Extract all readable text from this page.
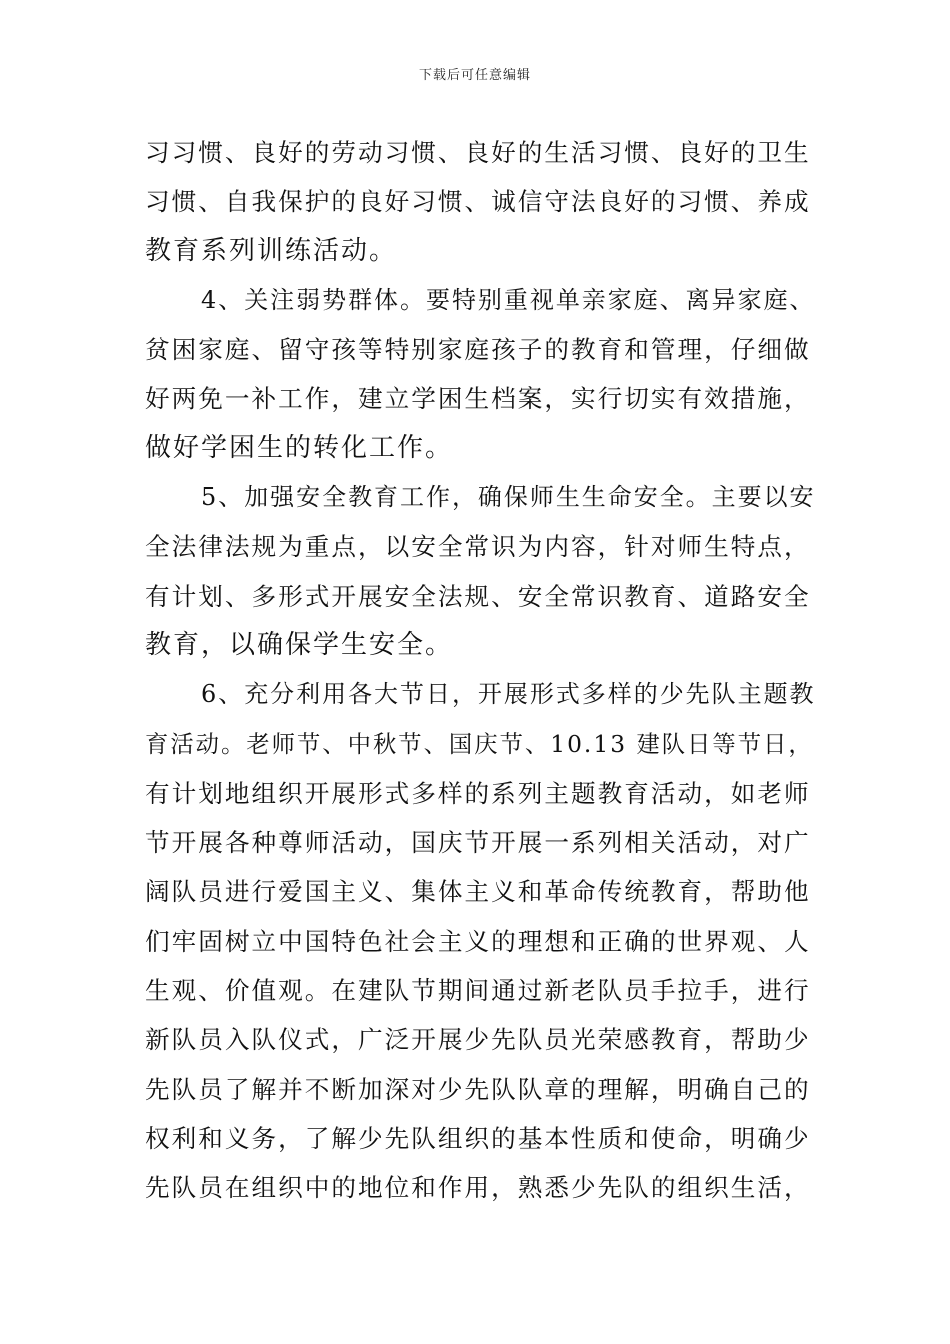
下载后可任意编辑
习习惯、良好的劳动习惯、良好的生活习惯、良好的卫生
习惯、自我保护的良好习惯、诚信守法良好的习惯、养成
教育系列训练活动。
4、关注弱势群体。要特别重视单亲家庭、离异家庭、
贫困家庭、留守孩等特别家庭孩子的教育和管理，仔细做
好两免一补工作，建立学困生档案，实行切实有效措施，
做好学困生的转化工作。
5、加强安全教育工作，确保师生生命安全。主要以安
全法律法规为重点，以安全常识为内容，针对师生特点，
有计划、多形式开展安全法规、安全常识教育、道路安全
教育，以确保学生安全。
6、充分利用各大节日，开展形式多样的少先队主题教
育活动。老师节、中秋节、国庆节、10.13 建队日等节日，
有计划地组织开展形式多样的系列主题教育活动，如老师
节开展各种尊师活动，国庆节开展一系列相关活动，对广
阔队员进行爱国主义、集体主义和革命传统教育，帮助他
们牢固树立中国特色社会主义的理想和正确的世界观、人
生观、价值观。在建队节期间通过新老队员手拉手，进行
新队员入队仪式，广泛开展少先队员光荣感教育，帮助少
先队员了解并不断加深对少先队队章的理解，明确自己的
权利和义务，了解少先队组织的基本性质和使命，明确少
先队员在组织中的地位和作用，熟悉少先队的组织生活，
